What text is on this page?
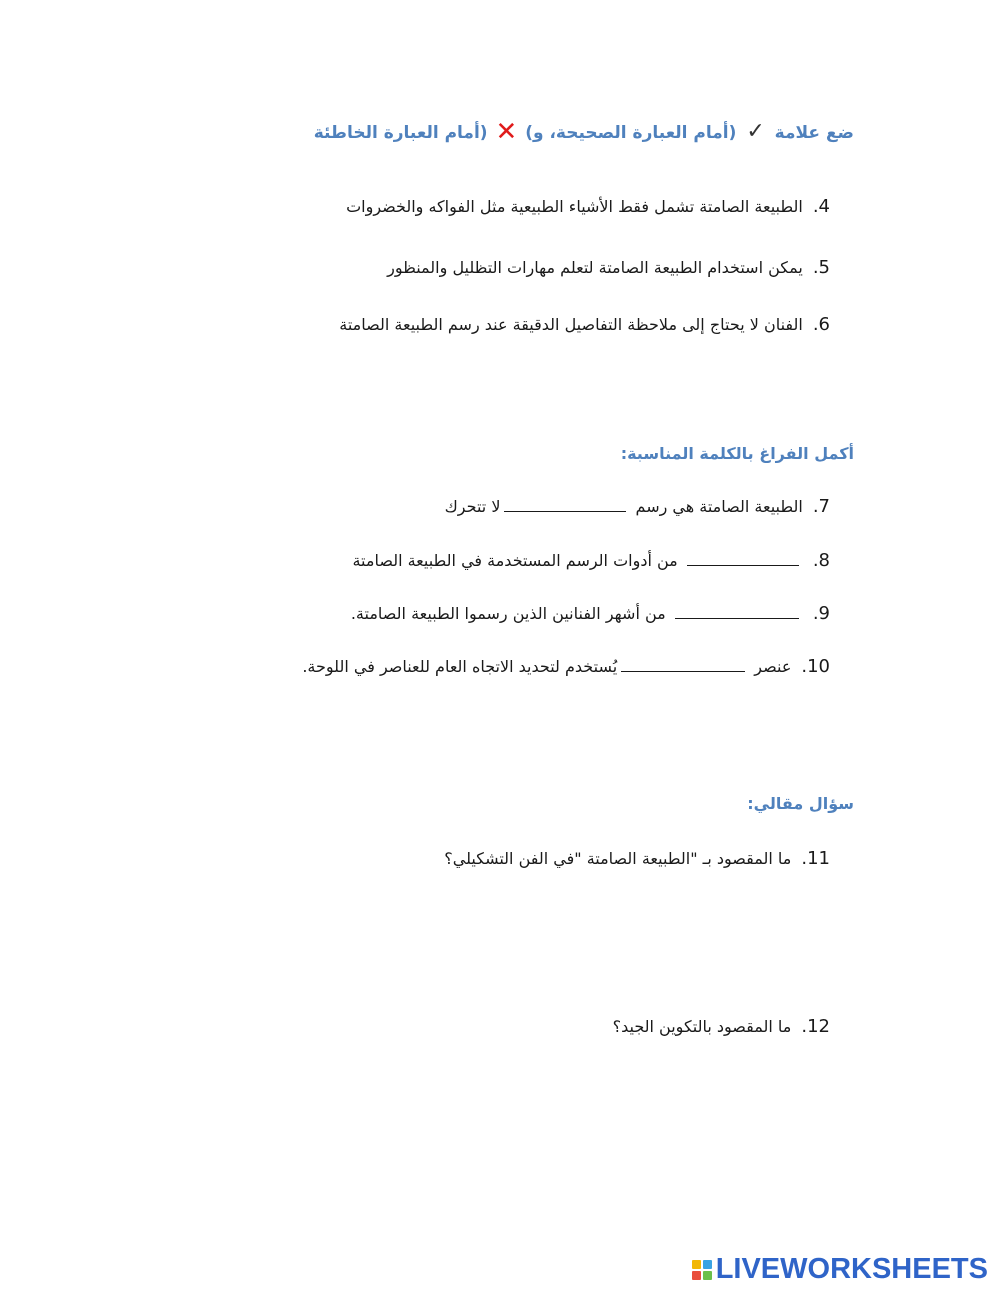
ضع علامة ✓ (أمام العبارة الصحيحة، و) ✕ (أمام العبارة الخاطئة
4.الطبيعة الصامتة تشمل فقط الأشياء الطبيعية مثل الفواكه والخضروات
5.يمكن استخدام الطبيعة الصامتة لتعلم مهارات التظليل والمنظور
6.الفنان لا يحتاج إلى ملاحظة التفاصيل الدقيقة عند رسم الطبيعة الصامتة
أكمل الفراغ بالكلمة المناسبة:
7.الطبيعة الصامتة هي رسم لا تتحرك
8. من أدوات الرسم المستخدمة في الطبيعة الصامتة
9. من أشهر الفنانين الذين رسموا الطبيعة الصامتة.
10.عنصر يُستخدم لتحديد الاتجاه العام للعناصر في اللوحة.
سؤال مقالي:
11.ما المقصود بـ "الطبيعة الصامتة "في الفن التشكيلي؟
12.ما المقصود بالتكوين الجيد؟
LIVEWORKSHEETS
